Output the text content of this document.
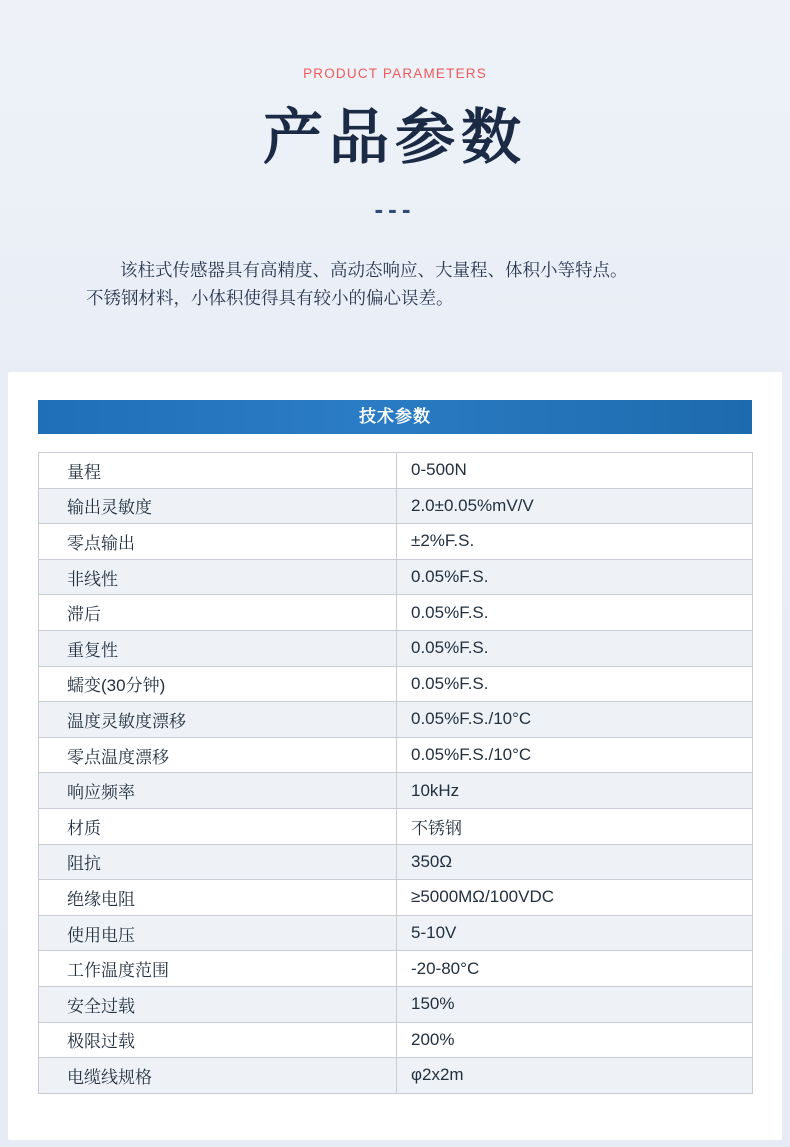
PRODUCT PARAMETERS
产品参数
---

该柱式传感器具有高精度、高动态响应、大量程、体积小等特点。

不锈钢材料，小体积使得具有较小的偏心误差。

技术参数
量程	0-500N
输出灵敏度	2.0±0.05%mV/V
零点输出	±2%F.S.
非线性	0.05%F.S.
滞后	0.05%F.S.
重复性	0.05%F.S.
蠕变(30分钟)	0.05%F.S.
温度灵敏度漂移	0.05%F.S./10°C
零点温度漂移	0.05%F.S./10°C
响应频率	10kHz
材质	不锈钢
阻抗	350Ω
绝缘电阻	≥5000MΩ/100VDC
使用电压	5-10V
工作温度范围	-20-80°C
安全过载	150%
极限过载	200%
电缆线规格	φ2x2m
